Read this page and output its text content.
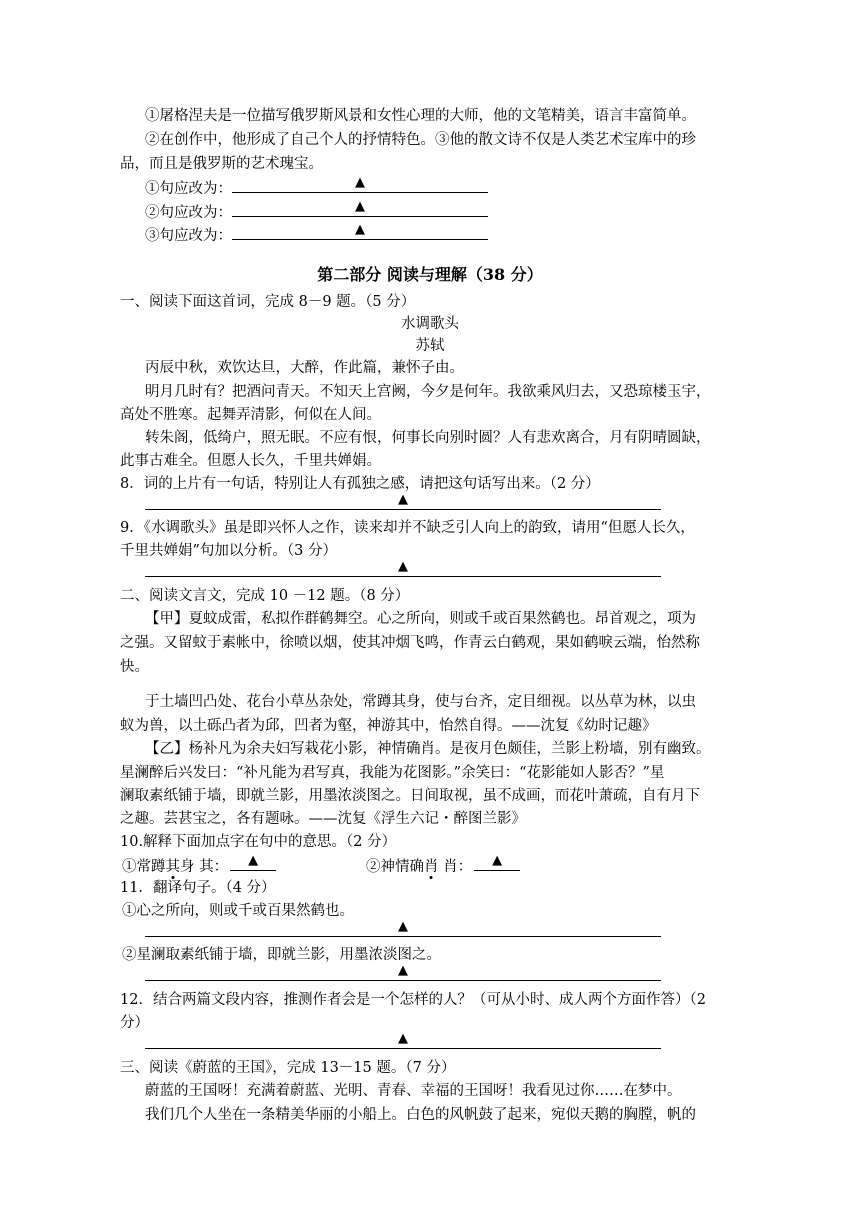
①屠格涅夫是一位描写俄罗斯风景和女性心理的大师，他的文笔精美，语言丰富简单。
②在创作中，他形成了自己个人的抒情特色。③他的散文诗不仅是人类艺术宝库中的珍
品，而且是俄罗斯的艺术瑰宝。
①句应改为：	▲
②句应改为：	▲
③句应改为：	▲
第二部分 阅读与理解（38 分）
一、阅读下面这首词，完成 8－9 题。（5 分）
水调歌头
苏轼
丙辰中秋，欢饮达旦，大醉，作此篇，兼怀子由。
明月几时有？把酒问青天。不知天上宫阙，今夕是何年。我欲乘风归去，又恐琼楼玉宇，
高处不胜寒。起舞弄清影，何似在人间。
转朱阁，低绮户，照无眠。不应有恨，何事长向别时圆？人有悲欢离合，月有阴晴圆缺，
此事古难全。但愿人长久，千里共婵娟。
8．词的上片有一句话，特别让人有孤独之感，请把这句话写出来。（2 分）
▲
9．《水调歌头》虽是即兴怀人之作，读来却并不缺乏引人向上的韵致，请用“但愿人长久，
千里共婵娟”句加以分析。（3 分）
▲
二、阅读文言文，完成 10 －12 题。（8 分）
【甲】夏蚊成雷，私拟作群鹤舞空。心之所向，则或千或百果然鹤也。昂首观之，项为
之强。又留蚊于素帐中，徐喷以烟，使其冲烟飞鸣，作青云白鹤观，果如鹤唳云端，怡然称
快。
于土墙凹凸处、花台小草丛杂处，常蹲其身，使与台齐，定目细视。以丛草为林，以虫
蚁为兽，以土砾凸者为邱，凹者为壑，神游其中，怡然自得。——沈复《幼时记趣》
【乙】杨补凡为余夫妇写栽花小影，神情确肖。是夜月色颇佳，兰影上粉墙，别有幽致。
星澜醉后兴发曰：“补凡能为君写真，我能为花图影。”余笑曰：“花影能如人影否？”星
澜取素纸铺于墙，即就兰影，用墨浓淡图之。日间取视，虽不成画，而花叶萧疏，自有月下
之趣。芸甚宝之，各有题咏。——沈复《浮生六记・醉图兰影》
10.解释下面加点字在句中的意思。（2 分）
①常蹲其身 其： ▲	②神情确肖 肖： ▲
11．翻译句子。（4 分）
①心之所向，则或千或百果然鹤也。
▲
②星澜取素纸铺于墙，即就兰影，用墨浓淡图之。
▲
12．结合两篇文段内容，推测作者会是一个怎样的人？（可从小时、成人两个方面作答）（2
分）
▲
三、阅读《蔚蓝的王国》，完成 13－15 题。（7 分）
蔚蓝的王国呀！充满着蔚蓝、光明、青春、幸福的王国呀！我看见过你……在梦中。
我们几个人坐在一条精美华丽的小船上。白色的风帆鼓了起来，宛似天鹅的胸膛，帆的
